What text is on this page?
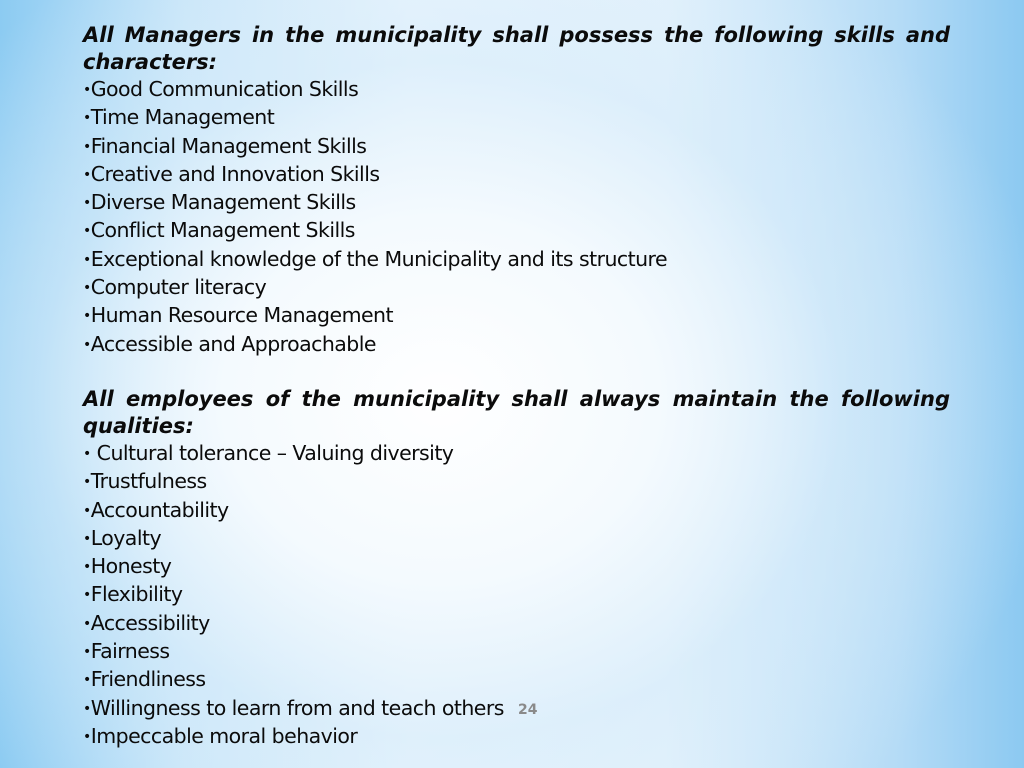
All Managers in the municipality shall possess the following skills and characters:

•Good Communication Skills
•Time Management
•Financial Management Skills
•Creative and Innovation Skills
•Diverse Management Skills
•Conflict Management Skills
•Exceptional knowledge of the Municipality and its structure
•Computer literacy
•Human Resource Management
•Accessible and Approachable

All employees of the municipality shall always maintain the following qualities:

• Cultural tolerance – Valuing diversity
•Trustfulness
•Accountability
•Loyalty
•Honesty
•Flexibility
•Accessibility
•Fairness
•Friendliness
•Willingness to learn from and teach others
•Impeccable moral behavior
24
